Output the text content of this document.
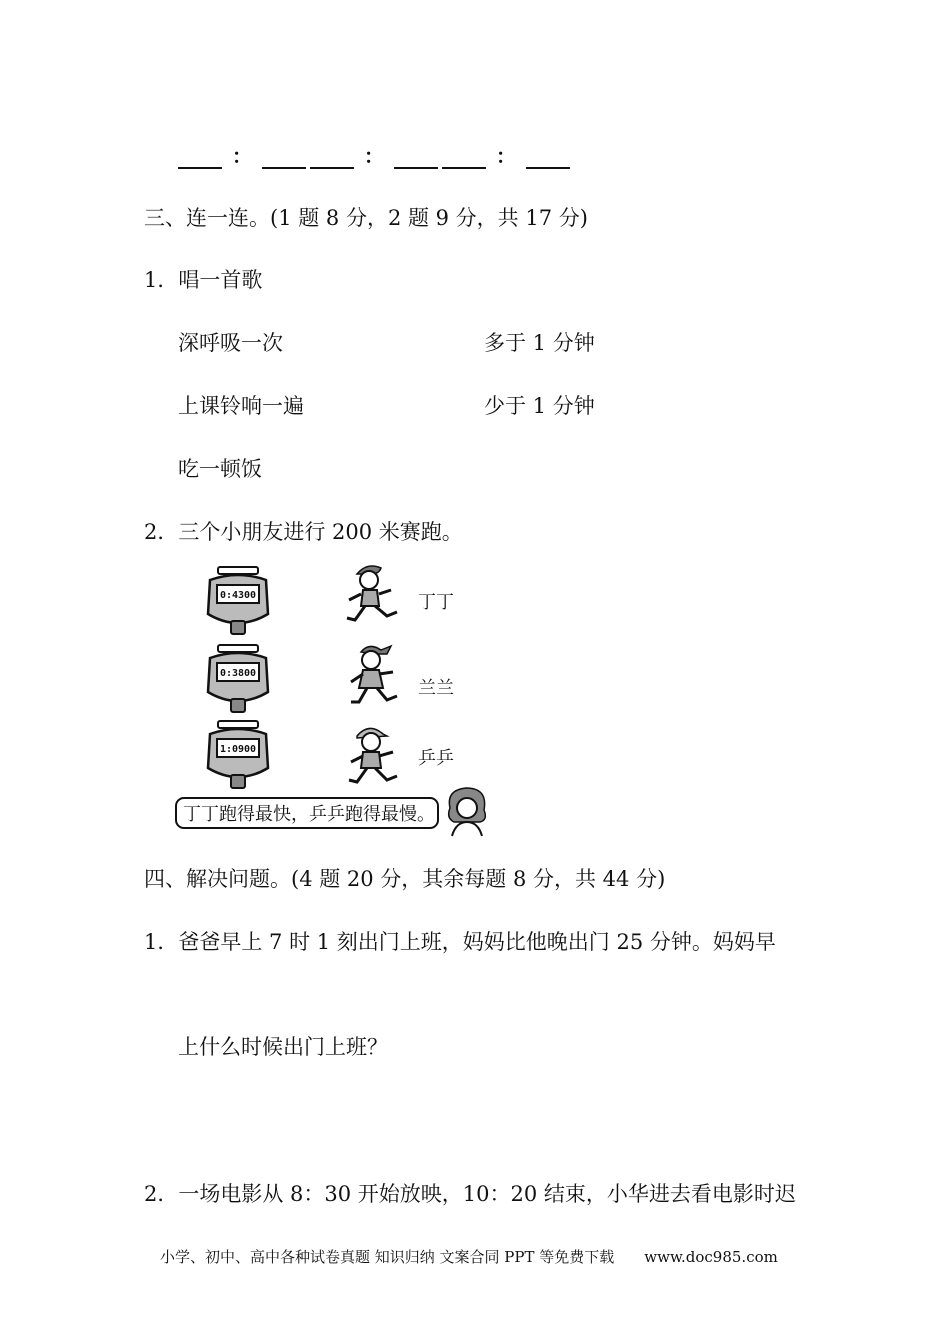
：	：	：
三、连一连。(1 题 8 分，2 题 9 分，共 17 分)
1．唱一首歌
深呼吸一次	多于 1 分钟
上课铃响一遍	少于 1 分钟
吃一顿饭
2．三个小朋友进行 200 米赛跑。
0:4300
0:3800
1:0900
丁丁
兰兰
乒乒
丁丁跑得最快，乒乒跑得最慢。
四、解决问题。(4 题 20 分，其余每题 8 分，共 44 分)
1．爸爸早上 7 时 1 刻出门上班，妈妈比他晚出门 25 分钟。妈妈早
上什么时候出门上班？
2．一场电影从 8：30 开始放映，10：20 结束，小华进去看电影时迟
小学、初中、高中各种试卷真题 知识归纳 文案合同 PPT 等免费下载 www.doc985.com
